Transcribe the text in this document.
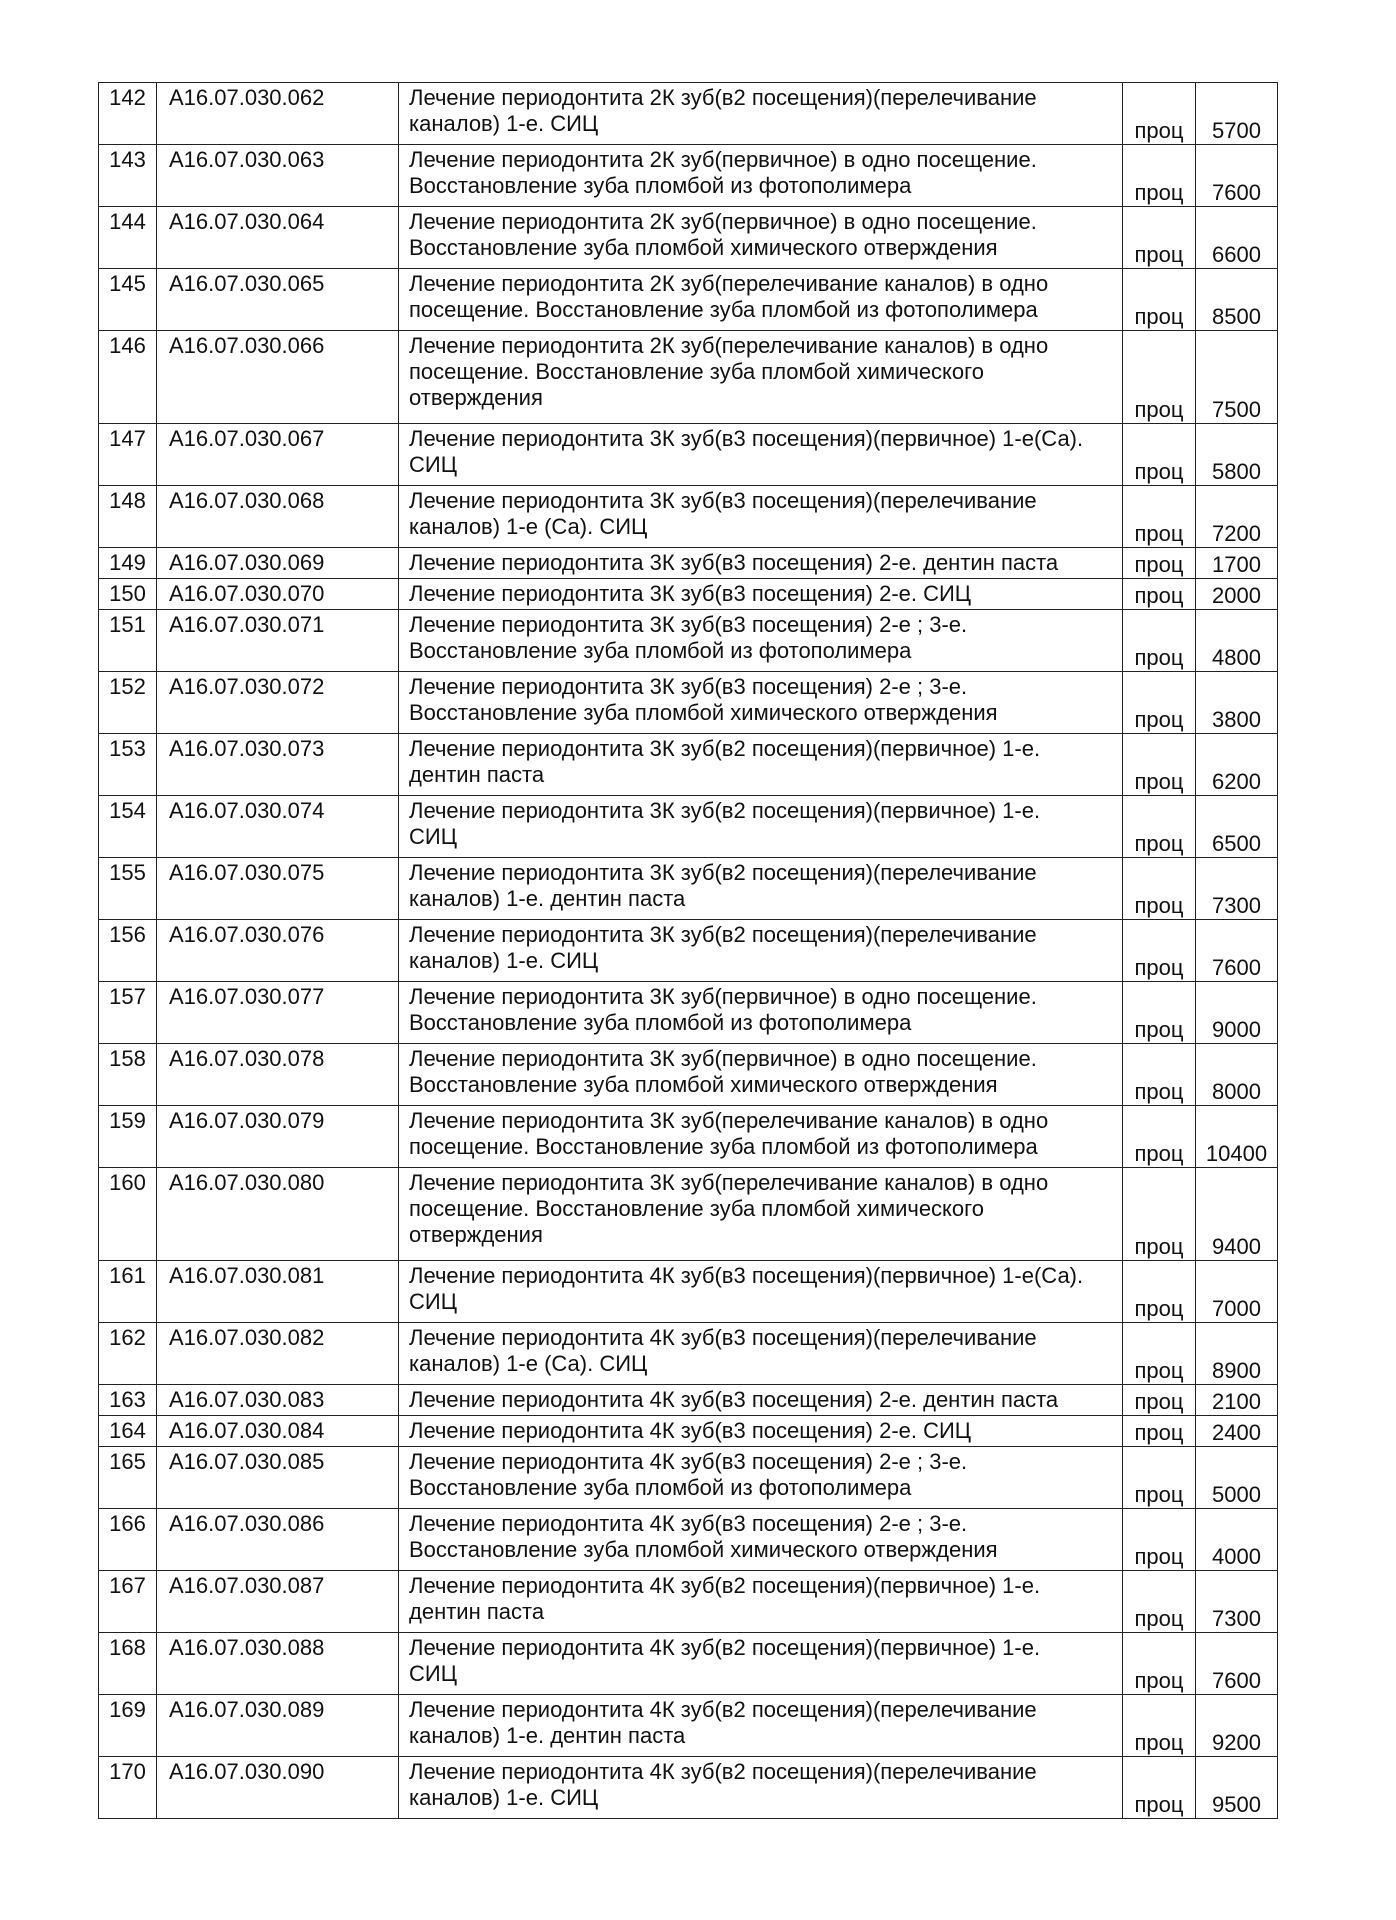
142	А16.07.030.062	Лечение периодонтита 2К зуб(в2 посещения)(перелечивание
каналов) 1-е. СИЦ	проц	5700
143	А16.07.030.063	Лечение периодонтита 2К зуб(первичное) в одно посещение.
Восстановление зуба пломбой из фотополимера	проц	7600
144	А16.07.030.064	Лечение периодонтита 2К зуб(первичное) в одно посещение.
Восстановление зуба пломбой химического отверждения	проц	6600
145	А16.07.030.065	Лечение периодонтита 2К зуб(перелечивание каналов) в одно
посещение. Восстановление зуба пломбой из фотополимера	проц	8500
146	А16.07.030.066	Лечение периодонтита 2К зуб(перелечивание каналов) в одно
посещение. Восстановление зуба пломбой химического
отверждения	проц	7500
147	А16.07.030.067	Лечение периодонтита 3К зуб(в3 посещения)(первичное) 1-е(Са).
СИЦ	проц	5800
148	А16.07.030.068	Лечение периодонтита 3К зуб(в3 посещения)(перелечивание
каналов) 1-е (Са). СИЦ	проц	7200
149	А16.07.030.069	Лечение периодонтита 3К зуб(в3 посещения) 2-е. дентин паста	проц	1700
150	А16.07.030.070	Лечение периодонтита 3К зуб(в3 посещения) 2-е. СИЦ	проц	2000
151	А16.07.030.071	Лечение периодонтита 3К зуб(в3 посещения) 2-е ; 3-е.
Восстановление зуба пломбой из фотополимера	проц	4800
152	А16.07.030.072	Лечение периодонтита 3К зуб(в3 посещения) 2-е ; 3-е.
Восстановление зуба пломбой химического отверждения	проц	3800
153	А16.07.030.073	Лечение периодонтита 3К зуб(в2 посещения)(первичное) 1-е.
дентин паста	проц	6200
154	А16.07.030.074	Лечение периодонтита 3К зуб(в2 посещения)(первичное) 1-е.
СИЦ	проц	6500
155	А16.07.030.075	Лечение периодонтита 3К зуб(в2 посещения)(перелечивание
каналов) 1-е. дентин паста	проц	7300
156	А16.07.030.076	Лечение периодонтита 3К зуб(в2 посещения)(перелечивание
каналов) 1-е. СИЦ	проц	7600
157	А16.07.030.077	Лечение периодонтита 3К зуб(первичное) в одно посещение.
Восстановление зуба пломбой из фотополимера	проц	9000
158	А16.07.030.078	Лечение периодонтита 3К зуб(первичное) в одно посещение.
Восстановление зуба пломбой химического отверждения	проц	8000
159	А16.07.030.079	Лечение периодонтита 3К зуб(перелечивание каналов) в одно
посещение. Восстановление зуба пломбой из фотополимера	проц	10400
160	А16.07.030.080	Лечение периодонтита 3К зуб(перелечивание каналов) в одно
посещение. Восстановление зуба пломбой химического
отверждения	проц	9400
161	А16.07.030.081	Лечение периодонтита 4К зуб(в3 посещения)(первичное) 1-е(Са).
СИЦ	проц	7000
162	А16.07.030.082	Лечение периодонтита 4К зуб(в3 посещения)(перелечивание
каналов) 1-е (Са). СИЦ	проц	8900
163	А16.07.030.083	Лечение периодонтита 4К зуб(в3 посещения) 2-е. дентин паста	проц	2100
164	А16.07.030.084	Лечение периодонтита 4К зуб(в3 посещения) 2-е. СИЦ	проц	2400
165	А16.07.030.085	Лечение периодонтита 4К зуб(в3 посещения) 2-е ; 3-е.
Восстановление зуба пломбой из фотополимера	проц	5000
166	А16.07.030.086	Лечение периодонтита 4К зуб(в3 посещения) 2-е ; 3-е.
Восстановление зуба пломбой химического отверждения	проц	4000
167	А16.07.030.087	Лечение периодонтита 4К зуб(в2 посещения)(первичное) 1-е.
дентин паста	проц	7300
168	А16.07.030.088	Лечение периодонтита 4К зуб(в2 посещения)(первичное) 1-е.
СИЦ	проц	7600
169	А16.07.030.089	Лечение периодонтита 4К зуб(в2 посещения)(перелечивание
каналов) 1-е. дентин паста	проц	9200
170	А16.07.030.090	Лечение периодонтита 4К зуб(в2 посещения)(перелечивание
каналов) 1-е. СИЦ	проц	9500
